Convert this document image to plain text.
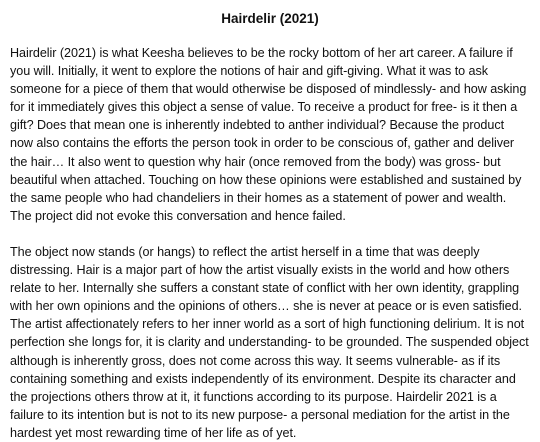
Hairdelir (2021)

Hairdelir (2021) is what Keesha believes to be the rocky bottom of her art career. A failure if you will. Initially, it went to explore the notions of hair and gift-giving. What it was to ask someone for a piece of them that would otherwise be disposed of mindlessly- and how asking for it immediately gives this object a sense of value. To receive a product for free- is it then a gift? Does that mean one is inherently indebted to anther individual? Because the product now also contains the efforts the person took in order to be conscious of, gather and deliver the hair… It also went to question why hair (once removed from the body) was gross- but beautiful when attached. Touching on how these opinions were established and sustained by the same people who had chandeliers in their homes as a statement of power and wealth. The project did not evoke this conversation and hence failed.

The object now stands (or hangs) to reflect the artist herself in a time that was deeply distressing. Hair is a major part of how the artist visually exists in the world and how others relate to her. Internally she suffers a constant state of conflict with her own identity, grappling with her own opinions and the opinions of others… she is never at peace or is even satisfied. The artist affectionately refers to her inner world as a sort of high functioning delirium. It is not perfection she longs for, it is clarity and understanding- to be grounded. The suspended object although is inherently gross, does not come across this way. It seems vulnerable- as if its containing something and exists independently of its environment. Despite its character and the projections others throw at it, it functions according to its purpose. Hairdelir 2021 is a failure to its intention but is not to its new purpose- a personal mediation for the artist in the hardest yet most rewarding time of her life as of yet.
